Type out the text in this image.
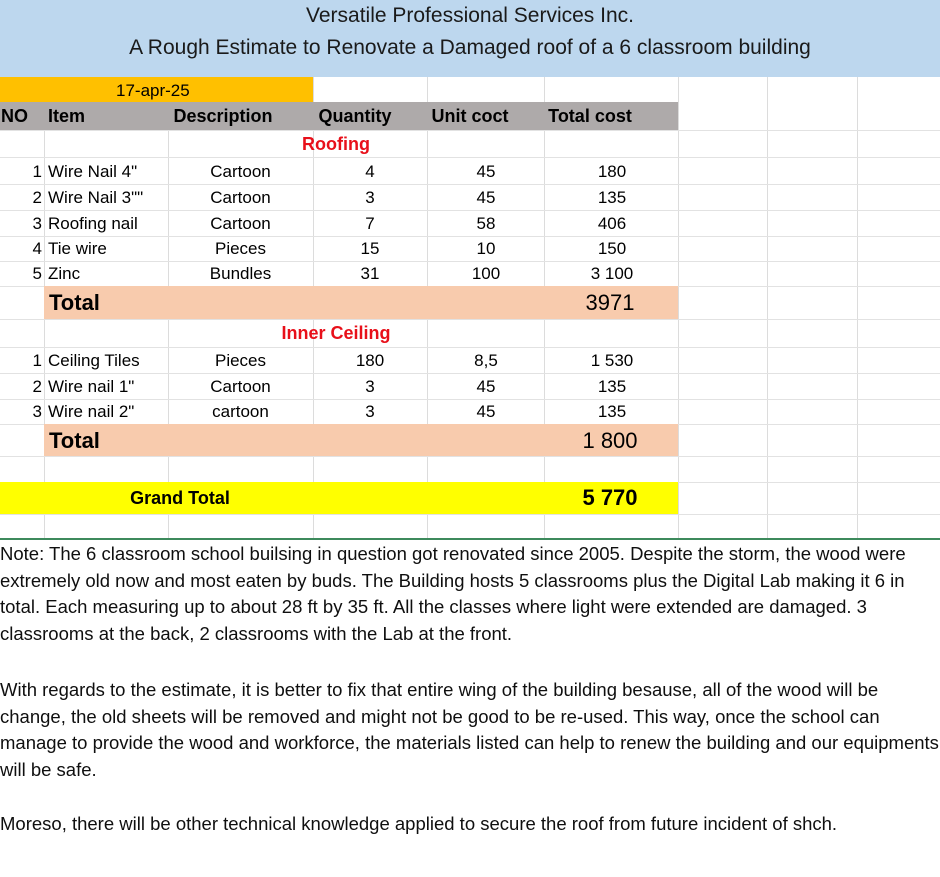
Versatile Professional Services Inc.
A Rough Estimate to Renovate a Damaged roof of a 6 classroom building
17-apr-25
NO Item	Description	Quantity	Unit coct	Total cost
Roofing
1 Wire Nail 4"	Cartoon	4	45	180
2 Wire Nail 3""	Cartoon	3	45	135
3 Roofing nail	Cartoon	7	58	406
4 Tie wire	Pieces	15	10	150
5 Zinc	Bundles	31	100	3 100
Total	3971
Inner Ceiling
1 Ceiling Tiles	Pieces	180	8,5	1 530
2 Wire nail 1"	Cartoon	3	45	135
3 Wire nail 2"	cartoon	3	45	135
Total	1 800
Grand Total	5 770
Note: The 6 classroom school builsing in question got renovated since 2005. Despite the storm, the wood were extremely old now and most eaten by buds. The Building hosts 5 classrooms plus the Digital Lab making it 6 in total. Each measuring up to about 28 ft by 35 ft. All the classes where light were extended are damaged. 3 classrooms at the back, 2 classrooms with the Lab at the front.
With regards to the estimate, it is better to fix that entire wing of the building besause, all of the wood will be change, the old sheets will be removed and might not be good to be re-used. This way, once the school can manage to provide the wood and workforce, the materials listed can help to renew the building and our equipments will be safe.
Moreso, there will be other technical knowledge applied to secure the roof from future incident of shch.
